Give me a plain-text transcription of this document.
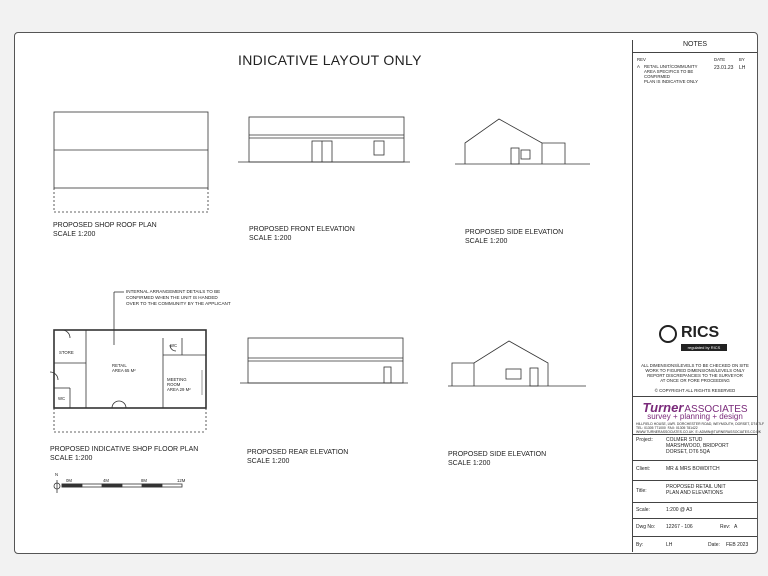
INDICATIVE LAYOUT ONLY
PROPOSED SHOP ROOF PLAN
SCALE 1:200
PROPOSED FRONT ELEVATION
SCALE 1:200
PROPOSED SIDE ELEVATION
SCALE 1:200
PROPOSED INDICATIVE SHOP FLOOR PLAN
SCALE 1:200
PROPOSED REAR ELEVATION
SCALE 1:200
PROPOSED SIDE ELEVATION
SCALE 1:200
INTERNAL ARRANGEMENT DETAILS TO BE
CONFIRMED WHEN THE UNIT IS HANDED
OVER TO THE COMMUNITY BY THE APPLICANT
STORE
RETAIL
AREA 65 M²
WC
WC
MEETING
ROOM
AREA 29 M²
N
0M	4M	8M	12M
NOTES
REV	DATE	BY
A RETAIL UNIT/COMMUNITY
AREA SPECIFICS TO BE
CONFIRMED
PLAN IS INDICATIVE ONLY
23.01.23 LH
RICS
regulated by RICS
ALL DIMENSIONS/LEVELS TO BE CHECKED ON SITE
WORK TO FIGURED DIMENSIONS/LEVELS ONLY
REPORT DISCREPANCIES TO THE SURVEYOR
AT ONCE OR FORE PROCEEDING
© COPYRIGHT ALL RIGHTS RESERVED
TurnerASSOCIATES
survey + planning + design
HILLFIELD HOUSE, LWR. DORCHESTER ROAD, WEYMOUTH, DORSET, DT4 7LF
TEL: 01305 771000  FAX: 01305 781422
WWW.TURNERASSOCIATES.CO.UK  E: ADMIN@TURNERASSOCIATES.CO.UK
Project:	COLMER STUD
MARSHWOOD, BRIDPORT
DORSET, DT6 5QA
Client:	MR & MRS BOWDITCH
Title:
PROPOSED RETAIL UNIT
PLAN AND ELEVATIONS
Scale:	1:200 @ A3
Dwg No: 12267 - 106	Rev: A
By:	LH	Date: FEB 2023
